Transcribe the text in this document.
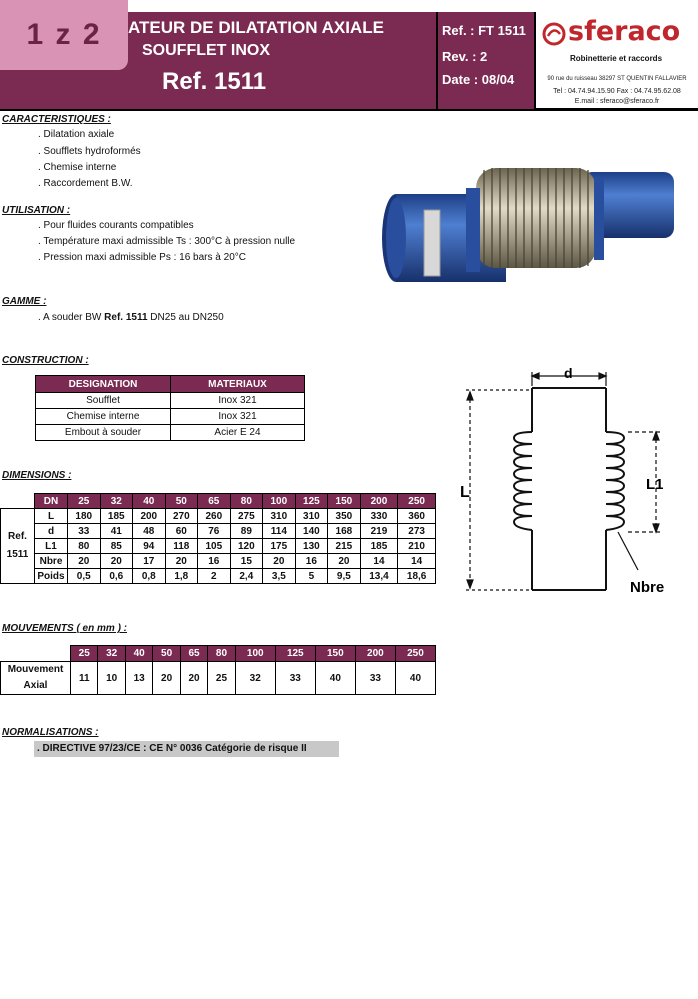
ATEUR DE DILATATION AXIALE
SOUFFLET INOX
Ref. 1511
1 z 2	Ref. : FT 1511
Rev. : 2
Date : 08/04
sferaco
Robinetterie et raccords
90 rue du ruisseau 38297 ST QUENTIN FALLAVIER
Tel : 04.74.94.15.90 Fax : 04.74.95.62.08
E.mail : sferaco@sferaco.fr
CARACTERISTIQUES :
. Dilatation axiale
. Soufflets hydroformés
. Chemise interne
. Raccordement B.W.
UTILISATION :
. Pour fluides courants compatibles
. Température maxi admissible Ts : 300°C à pression nulle
. Pression maxi admissible Ps : 16 bars à 20°C
GAMME :
. A souder BW Ref. 1511 DN25 au DN250
CONSTRUCTION :
DESIGNATION	MATERIAUX
Soufflet	Inox 321
Chemise interne	Inox 321
Embout à souder	Acier E 24
d
L	L1
Nbre
DIMENSIONS :
	DN	25	32	40	50	65	80	100	125	150	200	250

Ref.
1511	L	180	185	200	270	260	275	310	310	350	330	360
	d	33	41	48	60	76	89	114	140	168	219	273
	L1	80	85	94	118	105	120	175	130	215	185	210
	Nbre	20	20	17	20	16	15	20	16	20	14	14
	Poids	0,5	0,6	0,8	1,8	2	2,4	3,5	5	9,5	13,4	18,6
MOUVEMENTS ( en mm ) :
	25	32	40	50	65	80	100	125	150	200	250

Mouvement
Axial	11	10	13	20	20	25	32	33	40	33	40
NORMALISATIONS :
. DIRECTIVE 97/23/CE : CE N° 0036 Catégorie de risque II
